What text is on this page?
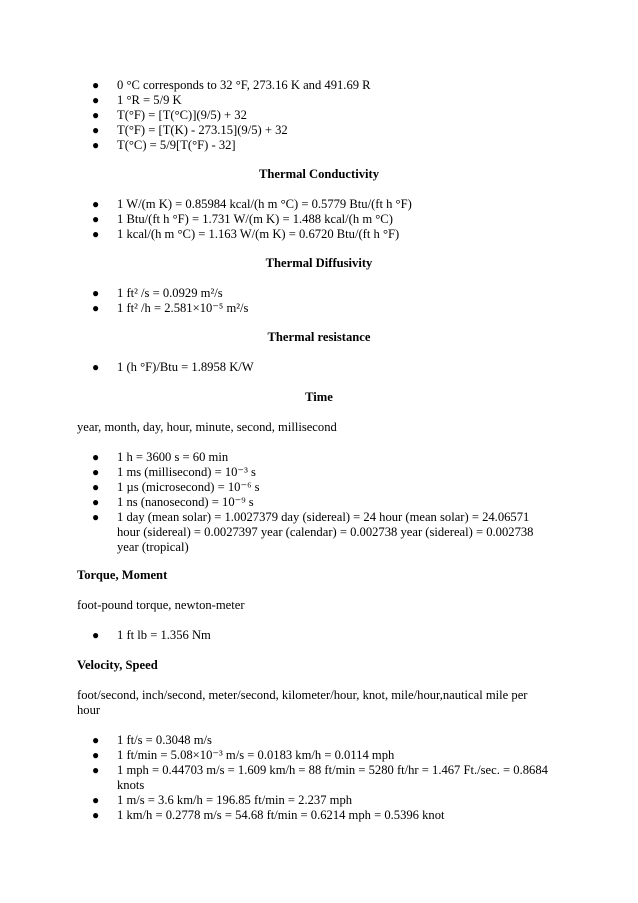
● 0 °C corresponds to 32 °F, 273.16 K and 491.69 R
● 1 °R = 5/9 K
● T(°F) = [T(°C)](9/5) + 32
● T(°F) = [T(K) - 273.15](9/5) + 32
● T(°C) = 5/9[T(°F) - 32]
Thermal Conductivity
● 1 W/(m K) = 0.85984 kcal/(h m °C) = 0.5779 Btu/(ft h °F)
● 1 Btu/(ft h °F) = 1.731 W/(m K) = 1.488 kcal/(h m °C)
● 1 kcal/(h m °C) = 1.163 W/(m K) = 0.6720 Btu/(ft h °F)
Thermal Diffusivity
● 1 ft² /s = 0.0929 m²/s
● 1 ft² /h = 2.581×10⁻⁵ m²/s
Thermal resistance
● 1 (h °F)/Btu = 1.8958 K/W
Time
year, month, day, hour, minute, second, millisecond
● 1 h = 3600 s = 60 min
● 1 ms (millisecond) = 10⁻³ s
● 1 µs (microsecond) = 10⁻⁶ s
● 1 ns (nanosecond) = 10⁻⁹ s
● 1 day (mean solar) = 1.0027379 day (sidereal) = 24 hour (mean solar) = 24.06571
hour (sidereal) = 0.0027397 year (calendar) = 0.002738 year (sidereal) = 0.002738
year (tropical)
Torque, Moment
foot-pound torque, newton-meter
● 1 ft lb = 1.356 Nm
Velocity, Speed
foot/second, inch/second, meter/second, kilometer/hour, knot, mile/hour,nautical mile per
hour
● 1 ft/s = 0.3048 m/s
● 1 ft/min = 5.08×10⁻³ m/s = 0.0183 km/h = 0.0114 mph
● 1 mph = 0.44703 m/s = 1.609 km/h = 88 ft/min = 5280 ft/hr = 1.467 Ft./sec. = 0.8684
knots
● 1 m/s = 3.6 km/h = 196.85 ft/min = 2.237 mph
● 1 km/h = 0.2778 m/s = 54.68 ft/min = 0.6214 mph = 0.5396 knot
